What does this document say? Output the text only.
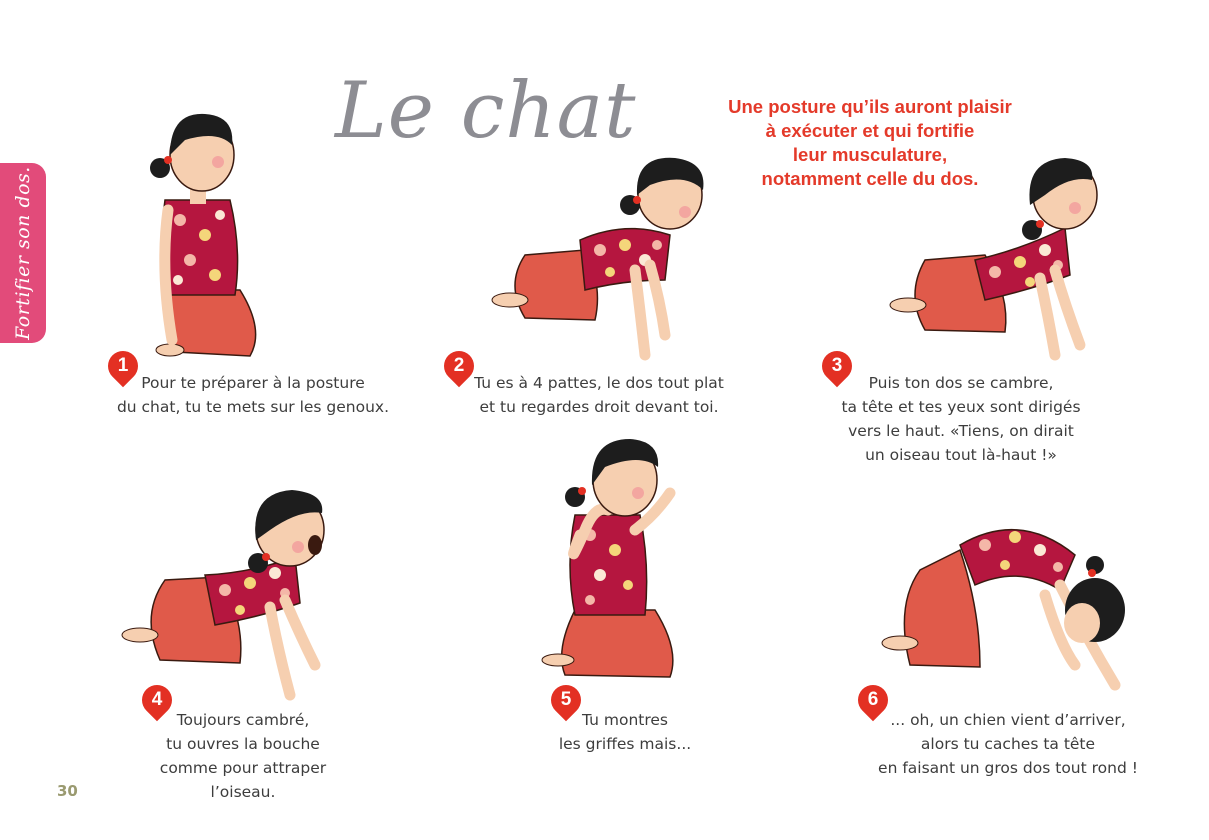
Fortifier son dos.
Le chat	Une posture qu’ils auront plaisir
à exécuter et qui fortifie
leur musculature,
notamment celle du dos.
1
Pour te préparer à la posture
du chat, tu te mets sur les genoux.
2
Tu es à 4 pattes, le dos tout plat
et tu regardes droit devant toi.
3
Puis ton dos se cambre,
ta tête et tes yeux sont dirigés
vers le haut. «Tiens, on dirait
un oiseau tout là-haut !»
4
Toujours cambré,
tu ouvres la bouche
comme pour attraper
l’oiseau.
5
Tu montres
les griffes mais...
6
... oh, un chien vient d’arriver,
alors tu caches ta tête
en faisant un gros dos tout rond !
30
